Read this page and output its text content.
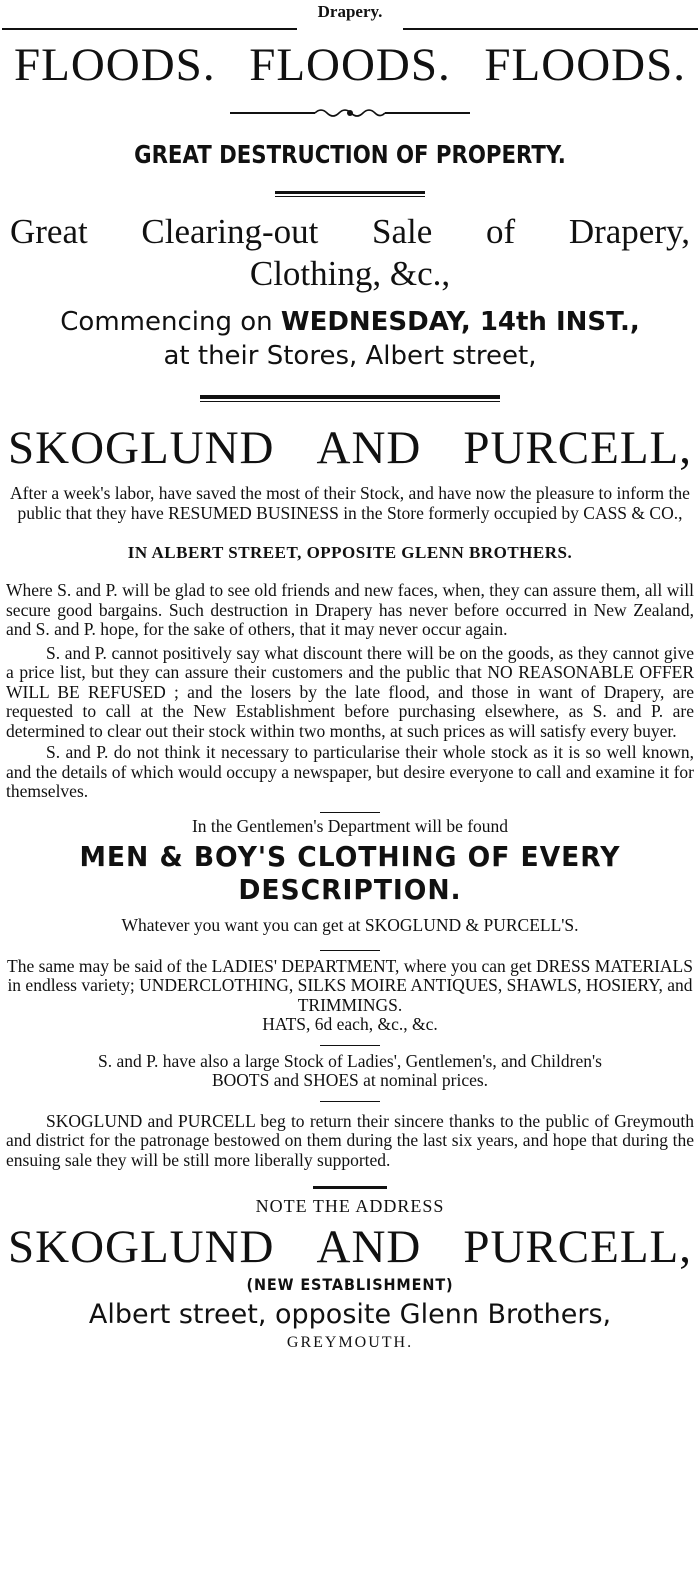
Drapery.
FLOODS. FLOODS. FLOODS.
GREAT DESTRUCTION OF PROPERTY.
Great Clearing-out Sale of Drapery,
Clothing, &c.,
Commencing on WEDNESDAY, 14th INST.,
at their Stores, Albert street,
SKOGLUND AND PURCELL,
After a week's labor, have saved the most of their Stock, and have now the pleasure to inform the public that they have RESUMED BUSINESS in the Store formerly occupied by CASS & CO.,
IN ALBERT STREET, OPPOSITE GLENN BROTHERS.
Where S. and P. will be glad to see old friends and new faces, when, they can assure them, all will secure good bargains. Such destruction in Drapery has never before occurred in New Zealand, and S. and P. hope, for the sake of others, that it may never occur again.
S. and P. cannot positively say what discount there will be on the goods, as they cannot give a price list, but they can assure their customers and the public that NO REASONABLE OFFER WILL BE REFUSED ; and the losers by the late flood, and those in want of Drapery, are requested to call at the New Establishment before purchasing elsewhere, as S. and P. are determined to clear out their stock within two months, at such prices as will satisfy every buyer.
S. and P. do not think it necessary to particularise their whole stock as it is so well known, and the details of which would occupy a newspaper, but desire everyone to call and examine it for themselves.
In the Gentlemen's Department will be found
MEN & BOY'S CLOTHING OF EVERY
DESCRIPTION.
Whatever you want you can get at SKOGLUND & PURCELL'S.
The same may be said of the LADIES' DEPARTMENT, where you can get DRESS MATERIALS in endless variety; UNDERCLOTHING, SILKS MOIRE ANTIQUES, SHAWLS, HOSIERY, and TRIMMINGS.
HATS, 6d each, &c., &c.
S. and P. have also a large Stock of Ladies', Gentlemen's, and Children's
BOOTS and SHOES at nominal prices.
SKOGLUND and PURCELL beg to return their sincere thanks to the public of Greymouth and district for the patronage bestowed on them during the last six years, and hope that during the ensuing sale they will be still more liberally supported.
NOTE THE ADDRESS
SKOGLUND AND PURCELL,
(NEW ESTABLISHMENT)
Albert street, opposite Glenn Brothers,
GREYMOUTH.
